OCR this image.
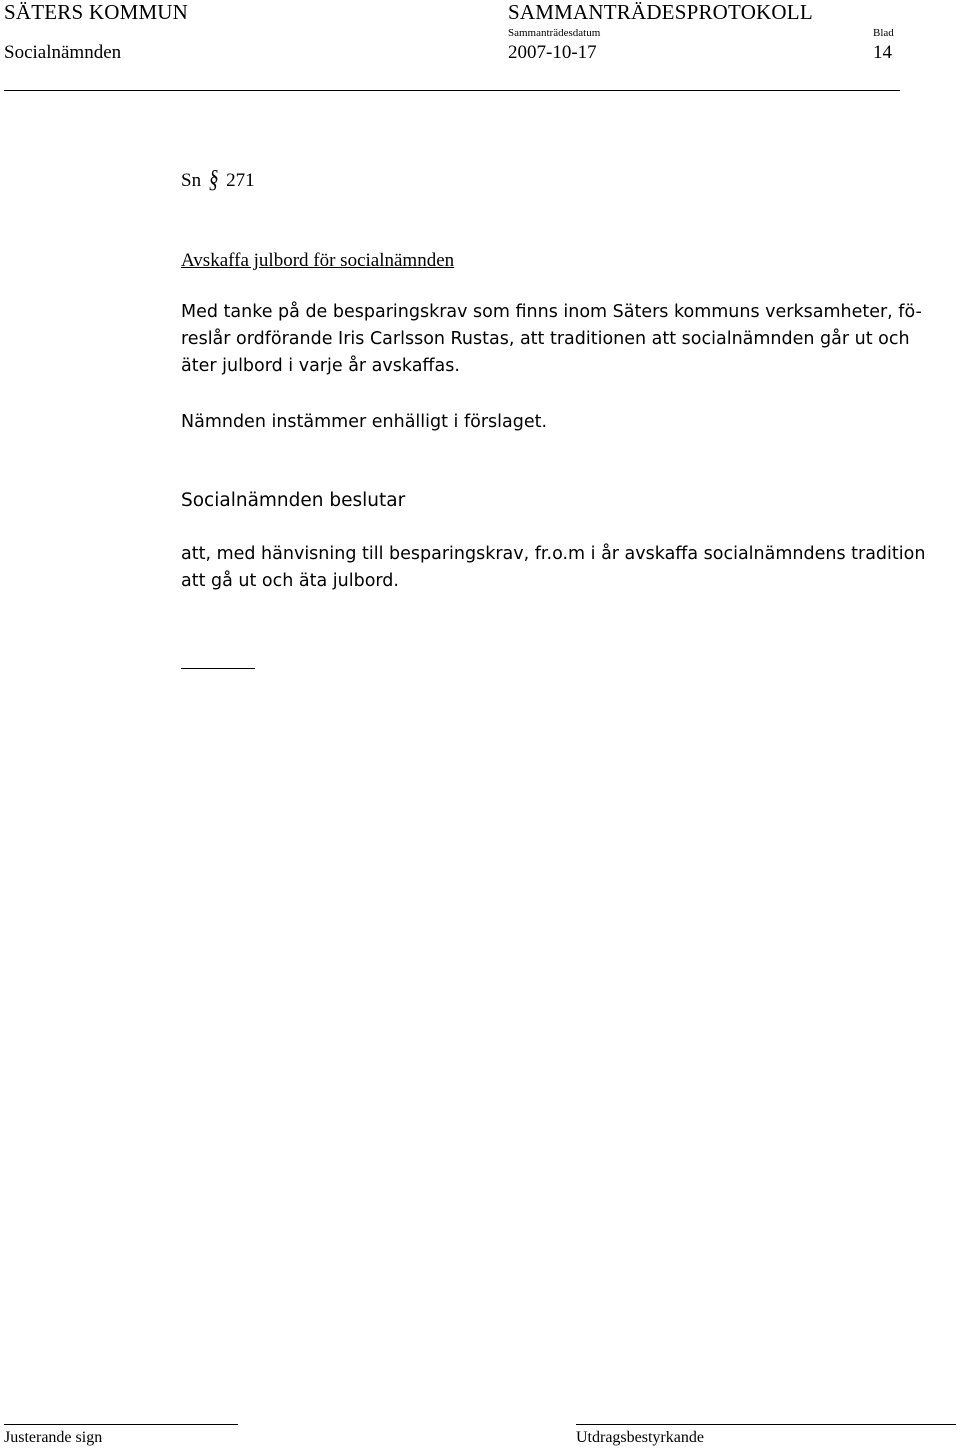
SÄTERS KOMMUN	SAMMANTRÄDESPROTOKOLL
Sammanträdesdatum	Blad
Socialnämnden	2007-10-17	14
Sn § 271
Avskaffa julbord för socialnämnden
Med tanke på de besparingskrav som finns inom Säters kommuns verksamheter, fö-
reslår ordförande Iris Carlsson Rustas, att traditionen att socialnämnden går ut och
äter julbord i varje år avskaffas.
Nämnden instämmer enhälligt i förslaget.
Socialnämnden beslutar
att, med hänvisning till besparingskrav, fr.o.m i år avskaffa socialnämndens tradition
att gå ut och äta julbord.
Justerande sign	Utdragsbestyrkande
